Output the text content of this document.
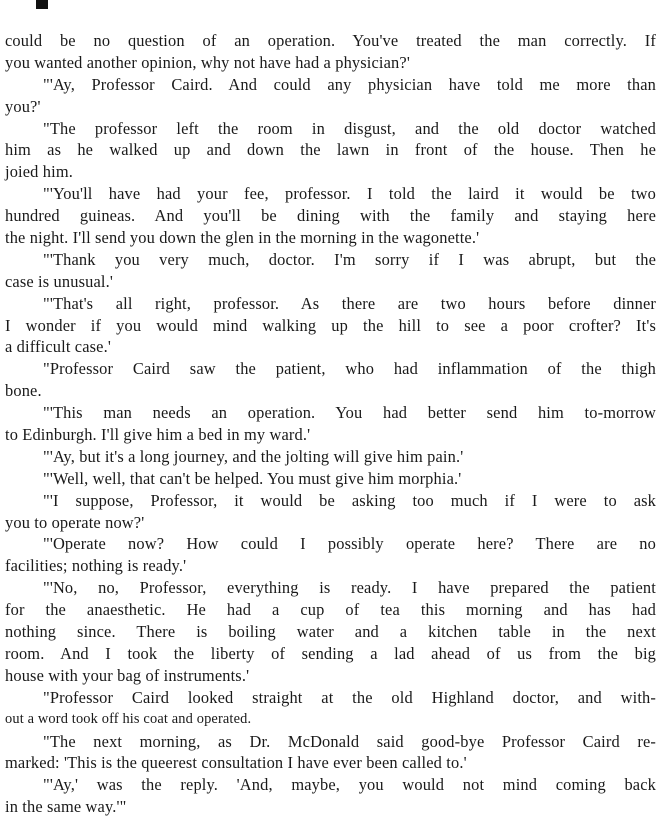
could be no question of an operation. You've treated the man correctly. If
you wanted another opinion, why not have had a physician?'
"'Ay, Professor Caird. And could any physician have told me more than
you?'
"The professor left the room in disgust, and the old doctor watched
him as he walked up and down the lawn in front of the house. Then he
joied him.
"'You'll have had your fee, professor. I told the laird it would be two
hundred guineas. And you'll be dining with the family and staying here
the night. I'll send you down the glen in the morning in the wagonette.'
"'Thank you very much, doctor. I'm sorry if I was abrupt, but the
case is unusual.'
"'That's all right, professor. As there are two hours before dinner
I wonder if you would mind walking up the hill to see a poor crofter? It's
a difficult case.'
"Professor Caird saw the patient, who had inflammation of the thigh
bone.
"'This man needs an operation. You had better send him to-morrow
to Edinburgh. I'll give him a bed in my ward.'
"'Ay, but it's a long journey, and the jolting will give him pain.'
"'Well, well, that can't be helped. You must give him morphia.'
"'I suppose, Professor, it would be asking too much if I were to ask
you to operate now?'
"'Operate now? How could I possibly operate here? There are no
facilities; nothing is ready.'
"'No, no, Professor, everything is ready. I have prepared the patient
for the anaesthetic. He had a cup of tea this morning and has had
nothing since. There is boiling water and a kitchen table in the next
room. And I took the liberty of sending a lad ahead of us from the big
house with your bag of instruments.'
"Professor Caird looked straight at the old Highland doctor, and with-
out a word took off his coat and operated.
"The next morning, as Dr. McDonald said good-bye Professor Caird re-
marked: 'This is the queerest consultation I have ever been called to.'
"'Ay,' was the reply. 'And, maybe, you would not mind coming back
in the same way.'"
